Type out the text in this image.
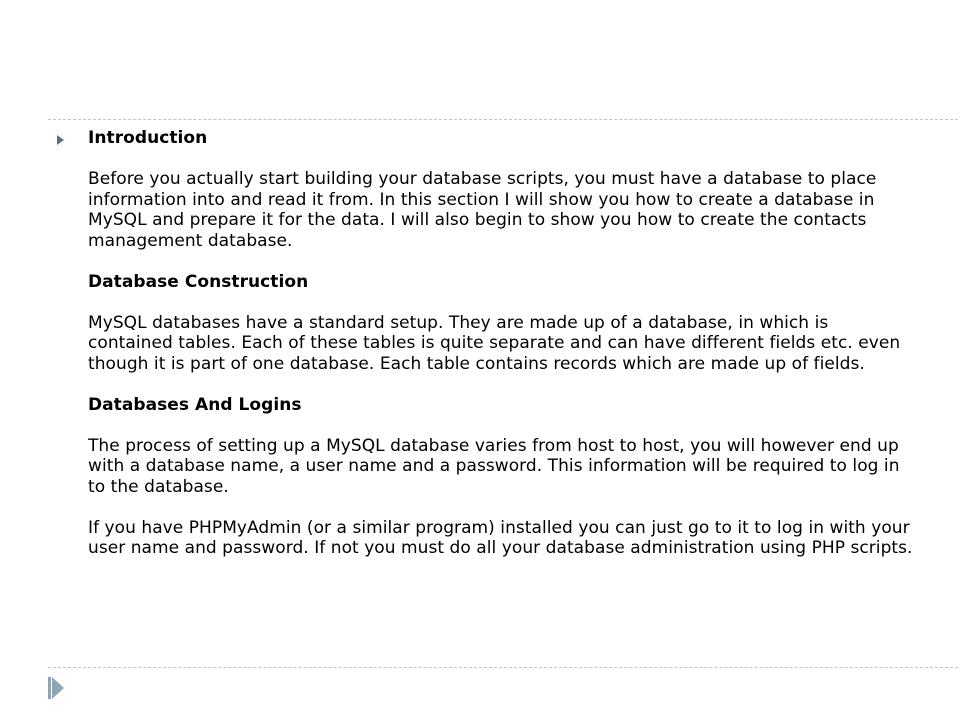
Introduction

Before you actually start building your database scripts, you must have a database to place information into and read it from. In this section I will show you how to create a database in MySQL and prepare it for the data. I will also begin to show you how to create the contacts management database.

Database Construction

MySQL databases have a standard setup. They are made up of a database, in which is contained tables. Each of these tables is quite separate and can have different fields etc. even though it is part of one database. Each table contains records which are made up of fields.

Databases And Logins

The process of setting up a MySQL database varies from host to host, you will however end up with a database name, a user name and a password. This information will be required to log in to the database.

If you have PHPMyAdmin (or a similar program) installed you can just go to it to log in with your user name and password. If not you must do all your database administration using PHP scripts.
